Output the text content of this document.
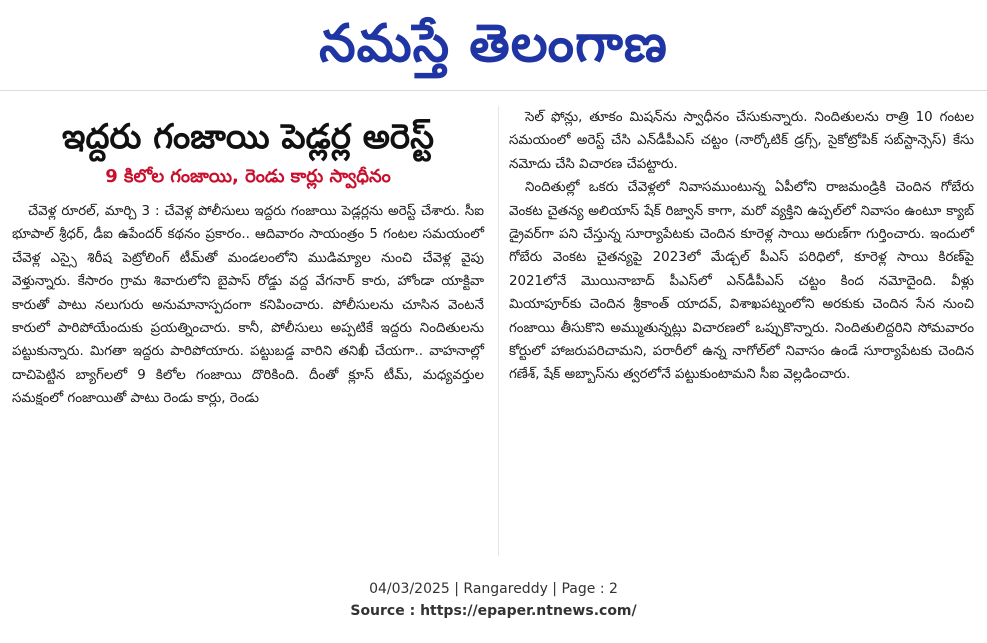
నమస్తే తెలంగాణ
ఇద్దరు గంజాయి పెడ్లర్ల అరెస్ట్
9 కిలోల గంజాయి, రెండు కార్లు స్వాధీనం

చేవెళ్ల రూరల్, మార్చి 3 : చేవెళ్ల పోలీసులు ఇద్దరు గంజాయి పెడ్లర్లను అరెస్ట్ చేశారు. సీఐ భూపాల్ శ్రీధర్, డీఐ ఉపేందర్ కథనం ప్రకారం.. ఆదివారం సాయంత్రం 5 గంటల సమయంలో చేవెళ్ల ఎస్సై శిరీష పెట్రోలింగ్ టీమ్‌తో మండలంలోని ముడిమ్యాల నుంచి చేవెళ్ల వైపు వెళ్తున్నారు. కేసారం గ్రామ శివారులోని బైపాస్ రోడ్డు వద్ద వేగనార్ కారు, హోండా యాక్టివా కారుతో పాటు నలుగురు అనుమానాస్పదంగా కనిపించారు. పోలీసులను చూసిన వెంటనే కారులో పారిపోయేందుకు ప్రయత్నించారు. కానీ, పోలీసులు అప్పటికే ఇద్దరు నిందితులను పట్టుకున్నారు. మిగతా ఇద్దరు పారిపోయారు. పట్టుబడ్డ వారిని తనిఖీ చేయగా.. వాహనాల్లో దాచిపెట్టిన బ్యాగ్‌లలో 9 కిలోల గంజాయి దొరికింది. దీంతో క్లూస్ టీమ్, మధ్యవర్తుల సమక్షంలో గంజాయితో పాటు రెండు కార్లు, రెండు

సెల్ ఫోన్లు, తూకం మిషన్‌ను స్వాధీనం చేసుకున్నారు. నిందితులను రాత్రి 10 గంటల సమయంలో అరెస్ట్ చేసి ఎన్‌డీపీఎస్ చట్టం (నార్కోటిక్ డ్రగ్స్, సైకోట్రోపిక్ సబ్‌స్టాన్సెస్) కేసు నమోదు చేసి విచారణ చేపట్టారు.

నిందితుల్లో ఒకరు చేవెళ్లలో నివాసముంటున్న ఏపీలోని రాజమండ్రికి చెందిన గోబేరు వెంకట చైతన్య అలియాస్ షేక్ రిజ్వాన్ కాగా, మరో వ్యక్తిని ఉప్పల్‌లో నివాసం ఉంటూ క్యాబ్ డ్రైవర్‌గా పని చేస్తున్న సూర్యాపేటకు చెందిన కూరెళ్ల సాయి అరుణ్‌గా గుర్తించారు. ఇందులో గోబేరు వెంకట చైతన్యపై 2023లో మేడ్చల్ పీఎస్ పరిధిలో, కూరెళ్ల సాయి కిరణ్‌పై 2021లోనే మొయినాబాద్ పీఎస్‌లో ఎన్‌డీపీఎస్ చట్టం కింద నమోదైంది. వీళ్లు మియాపూర్‌కు చెందిన శ్రీకాంత్ యాదవ్, విశాఖపట్నంలోని అరకుకు చెందిన సేన నుంచి గంజాయి తీసుకొని అమ్ముతున్నట్లు విచారణలో ఒప్పుకొన్నారు. నిందితులిద్దరిని సోమవారం కోర్టులో హాజరుపరిచామని, పరారీలో ఉన్న నాగోల్‌లో నివాసం ఉండే సూర్యాపేటకు చెందిన గణేశ్, షేక్ అబ్బాస్‌ను త్వరలోనే పట్టుకుంటామని సీఐ వెల్లడించారు.

04/03/2025 | Rangareddy | Page : 2
Source : https://epaper.ntnews.com/
